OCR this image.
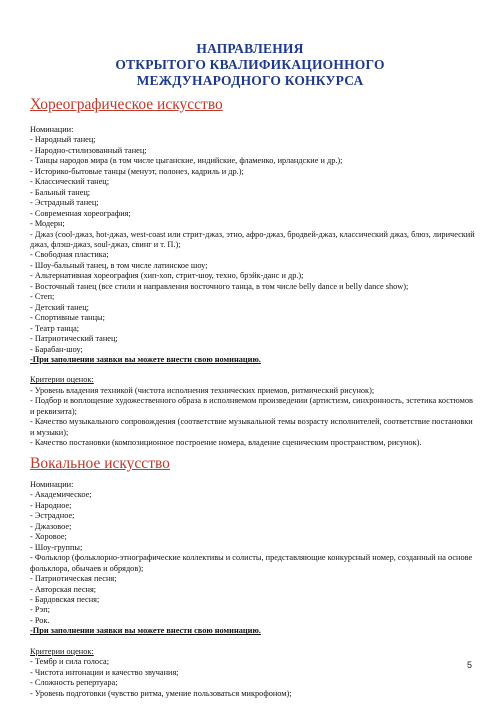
НАПРАВЛЕНИЯ
ОТКРЫТОГО КВАЛИФИКАЦИОННОГО
МЕЖДУНАРОДНОГО КОНКУРСА
Хореографическое искусство
Номинации:
- Народный танец;
- Народно-стилизованный танец;
- Танцы народов мира (в том числе цыганские, индийские, фламенко, ирландские и др.);
- Историко-бытовые танцы (менуэт, полонез, кадриль и др.);
- Классический танец;
- Бальный танец;
- Эстрадный танец;
- Современная хореография;
- Модерн;
- Джаз (cool-джаз, hot-джаз, west-coast или стрит-джаз, этно, афро-джаз, бродвей-джаз, классический джаз, блюз, лирический джаз, флэш-джаз, soul-джаз, свинг и т. П.);
- Свободная пластика;
- Шоу-бальный танец, в том числе латинское шоу;
- Альтернативная хореография (хип-хоп, стрит-шоу, техно, брэйк-данс и др.);
- Восточный танец (все стили и направления восточного танца, в том числе belly dance и belly dance show);
- Степ;
- Детский танец;
- Спортивные танцы;
- Театр танца;
- Патриотический танец;
- Барабан-шоу;
-При заполнении заявки вы можете внести свою номинацию.
Критерии оценок:
- Уровень владения техникой (чистота исполнения технических приемов, ритмический рисунок);
- Подбор и воплощение художественного образа в исполняемом произведении (артистизм, синхронность, эстетика костюмов и реквизита);
- Качество музыкального сопровождения (соответствие музыкальной темы возрасту исполнителей, соответствие постановки и музыки);
- Качество постановки (композиционное построение номера, владение сценическим пространством, рисунок).
Вокальное искусство
Номинации:
- Академическое;
- Народное;
- Эстрадное;
- Джазовое;
- Хоровое;
- Шоу-группы;
- Фольклор (фольклорно-этнографические коллективы и солисты, представляющие конкурсный номер, созданный на основе фольклора, обычаев и обрядов);
- Патриотическая песня;
- Авторская песня;
- Бардовская песня;
- Рэп;
- Рок.
-При заполнении заявки вы можете внести свою номинацию.
Критерии оценок:
- Тембр и сила голоса;
- Чистота интонации и качество звучания;
- Сложность репертуара;
- Уровень подготовки (чувство ритма, умение пользоваться микрофоном);
5
